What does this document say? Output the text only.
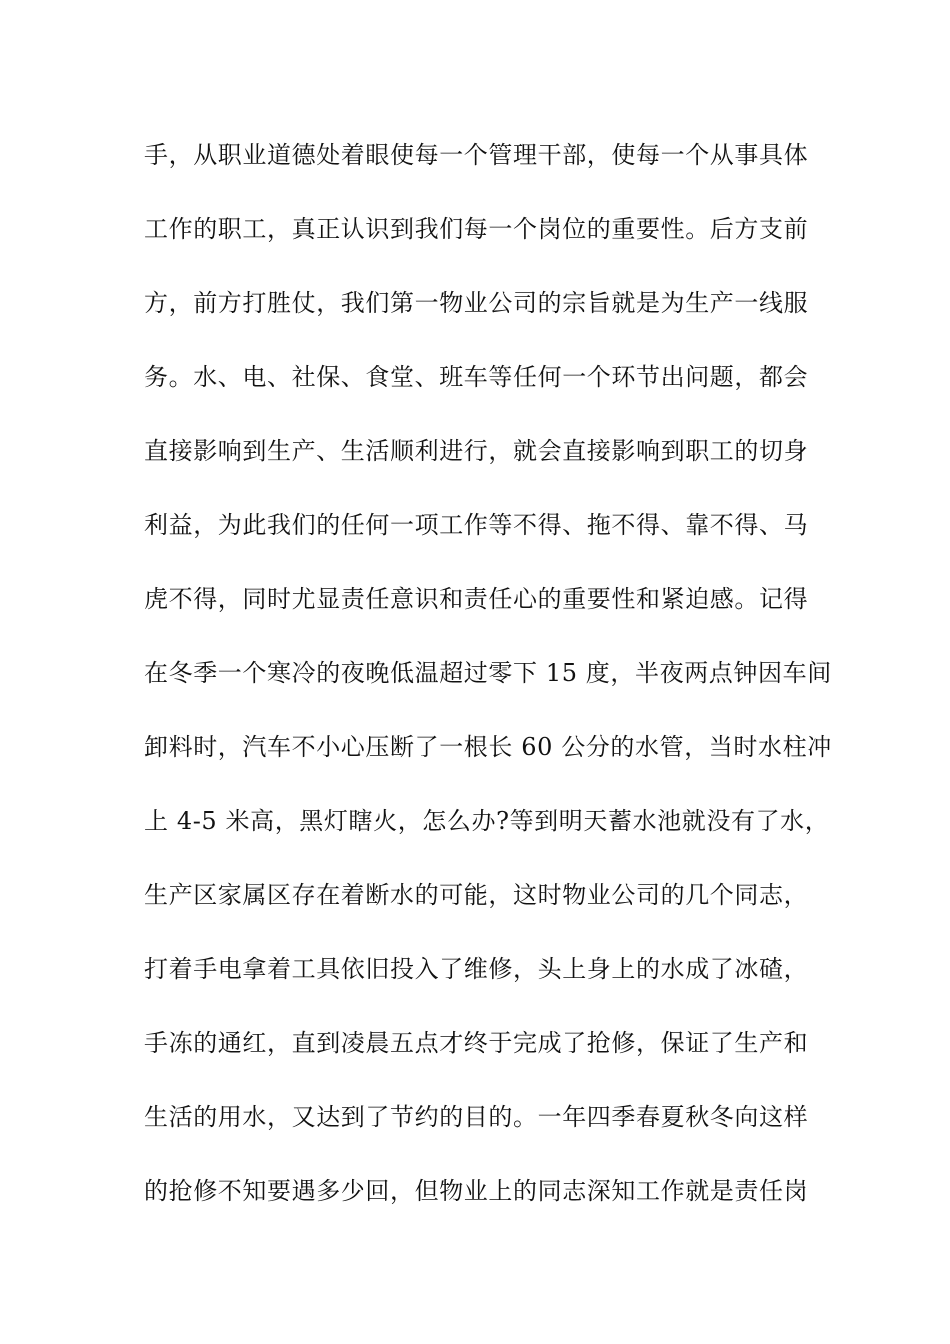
手，从职业道德处着眼使每一个管理干部，使每一个从事具体
工作的职工，真正认识到我们每一个岗位的重要性。后方支前
方，前方打胜仗，我们第一物业公司的宗旨就是为生产一线服
务。水、电、社保、食堂、班车等任何一个环节出问题，都会
直接影响到生产、生活顺利进行，就会直接影响到职工的切身
利益，为此我们的任何一项工作等不得、拖不得、靠不得、马
虎不得，同时尤显责任意识和责任心的重要性和紧迫感。记得
在冬季一个寒冷的夜晚低温超过零下 15 度，半夜两点钟因车间
卸料时，汽车不小心压断了一根长 60 公分的水管，当时水柱冲
上 4-5 米高，黑灯瞎火，怎么办?等到明天蓄水池就没有了水，
生产区家属区存在着断水的可能，这时物业公司的几个同志，
打着手电拿着工具依旧投入了维修，头上身上的水成了冰碴，
手冻的通红，直到凌晨五点才终于完成了抢修，保证了生产和
生活的用水，又达到了节约的目的。一年四季春夏秋冬向这样
的抢修不知要遇多少回，但物业上的同志深知工作就是责任岗
